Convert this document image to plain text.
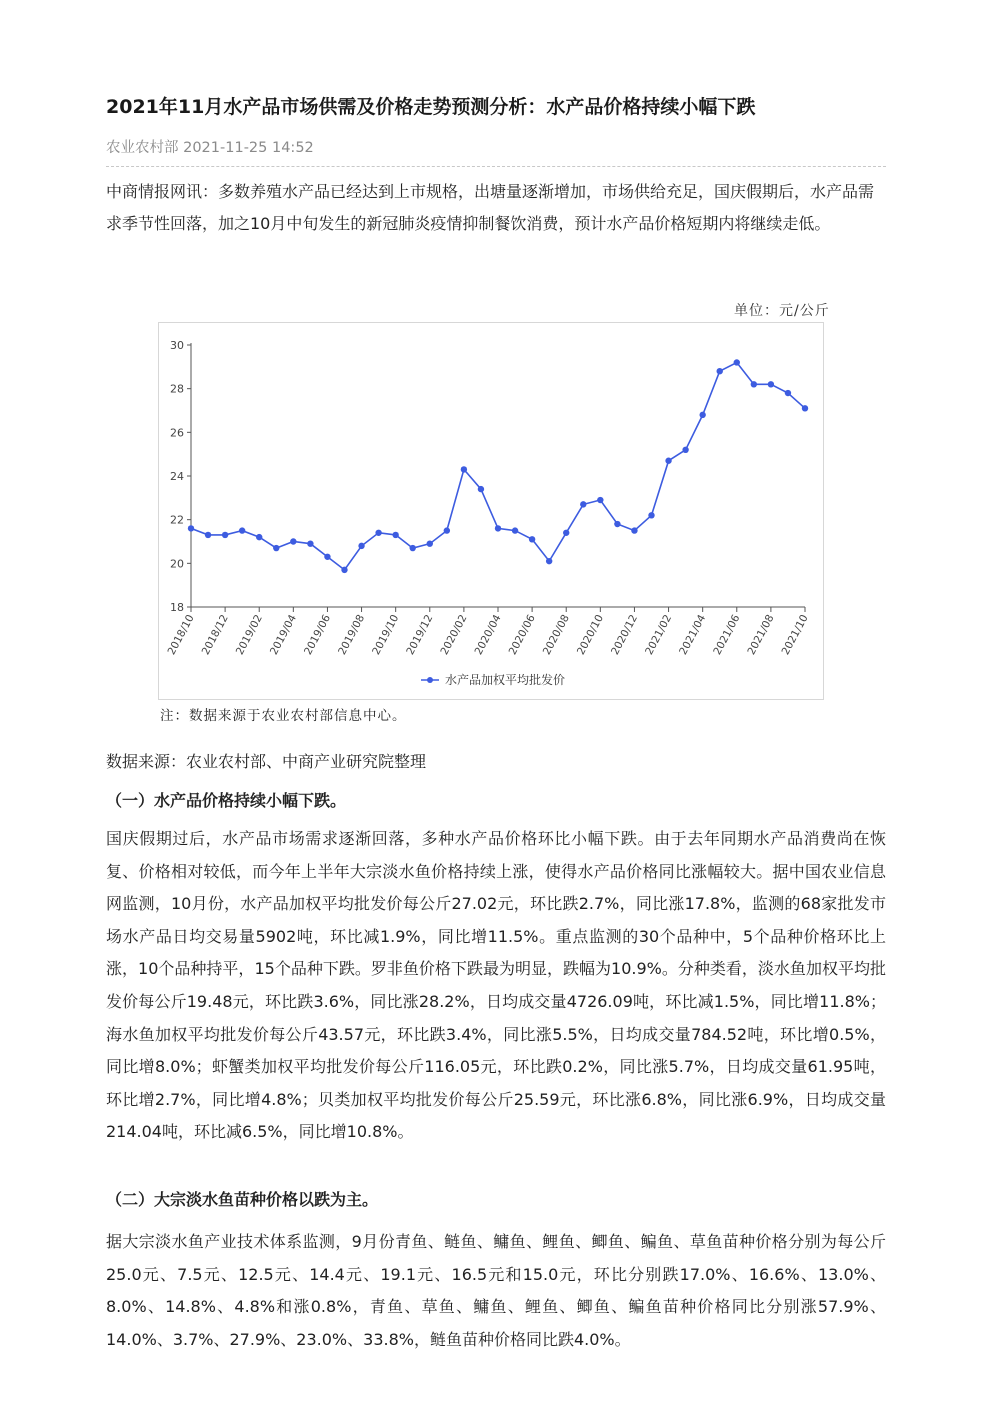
2021年11月水产品市场供需及价格走势预测分析：水产品价格持续小幅下跌
农业农村部 2021-11-25 14:52
中商情报网讯：多数养殖水产品已经达到上市规格，出塘量逐渐增加，市场供给充足，国庆假期后，水产品需求季节性回落，加之10月中旬发生的新冠肺炎疫情抑制餐饮消费，预计水产品价格短期内将继续走低。
单位：元/公斤
18
20
22
24
26
28
30
2018/10 2018/12 2019/02 2019/04 2019/06 2019/08 2019/10 2019/12 2020/02 2020/04 2020/06 2020/08 2020/10 2020/12 2021/02 2021/04 2021/06 2021/08 2021/10
水产品加权平均批发价
注：数据来源于农业农村部信息中心。
数据来源：农业农村部、中商产业研究院整理
（一）水产品价格持续小幅下跌。
国庆假期过后，水产品市场需求逐渐回落，多种水产品价格环比小幅下跌。由于去年同期水产品消费尚在恢复、价格相对较低，而今年上半年大宗淡水鱼价格持续上涨，使得水产品价格同比涨幅较大。据中国农业信息网监测，10月份，水产品加权平均批发价每公斤27.02元，环比跌2.7%，同比涨17.8%，监测的68家批发市场水产品日均交易量5902吨，环比减1.9%，同比增11.5%。重点监测的30个品种中，5个品种价格环比上涨，10个品种持平，15个品种下跌。罗非鱼价格下跌最为明显，跌幅为10.9%。分种类看，淡水鱼加权平均批发价每公斤19.48元，环比跌3.6%，同比涨28.2%，日均成交量4726.09吨，环比减1.5%，同比增11.8%；海水鱼加权平均批发价每公斤43.57元，环比跌3.4%，同比涨5.5%，日均成交量784.52吨，环比增0.5%，同比增8.0%；虾蟹类加权平均批发价每公斤116.05元，环比跌0.2%，同比涨5.7%，日均成交量61.95吨，环比增2.7%，同比增4.8%；贝类加权平均批发价每公斤25.59元，环比涨6.8%，同比涨6.9%，日均成交量214.04吨，环比减6.5%，同比增10.8%。
（二）大宗淡水鱼苗种价格以跌为主。
据大宗淡水鱼产业技术体系监测，9月份青鱼、鲢鱼、鳙鱼、鲤鱼、鲫鱼、鳊鱼、草鱼苗种价格分别为每公斤25.0元、7.5元、12.5元、14.4元、19.1元、16.5元和15.0元，环比分别跌17.0%、16.6%、13.0%、8.0%、14.8%、4.8%和涨0.8%，青鱼、草鱼、鳙鱼、鲤鱼、鲫鱼、鳊鱼苗种价格同比分别涨57.9%、14.0%、3.7%、27.9%、23.0%、33.8%，鲢鱼苗种价格同比跌4.0%。
